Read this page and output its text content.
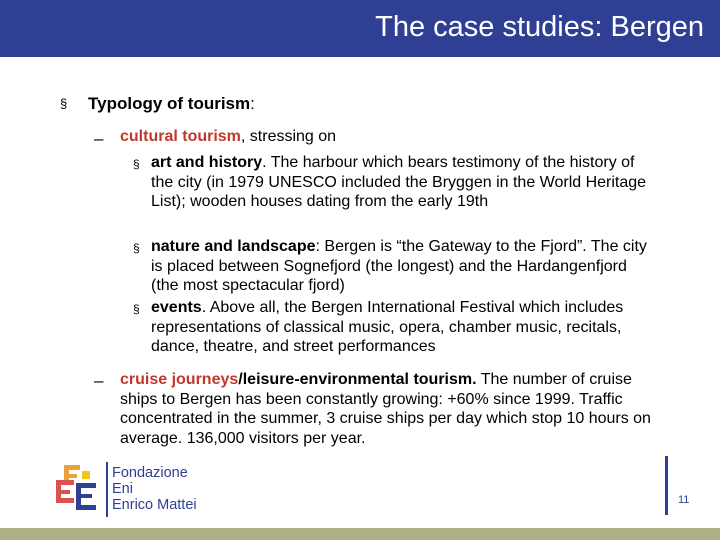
The case studies: Bergen
§ Typology of tourism:
– cultural tourism, stressing on
§ art and history. The harbour which bears testimony of the history of the city (in 1979 UNESCO included the Bryggen in the World Heritage List); wooden houses dating from the early 19th
§ nature and landscape: Bergen is “the Gateway to the Fjord”. The city is placed between Sognefjord (the longest) and the Hardangenfjord (the most spectacular fjord)
§ events. Above all, the Bergen International Festival which includes representations of classical music, opera, chamber music, recitals, dance, theatre, and street performances
– cruise journeys/leisure-environmental tourism. The number of cruise ships to Bergen has been constantly growing: +60% since 1999. Traffic concentrated in the summer, 3 cruise ships per day which stop 10 hours on average. 136,000 visitors per year.
Fondazione
Eni
Enrico Mattei	11
